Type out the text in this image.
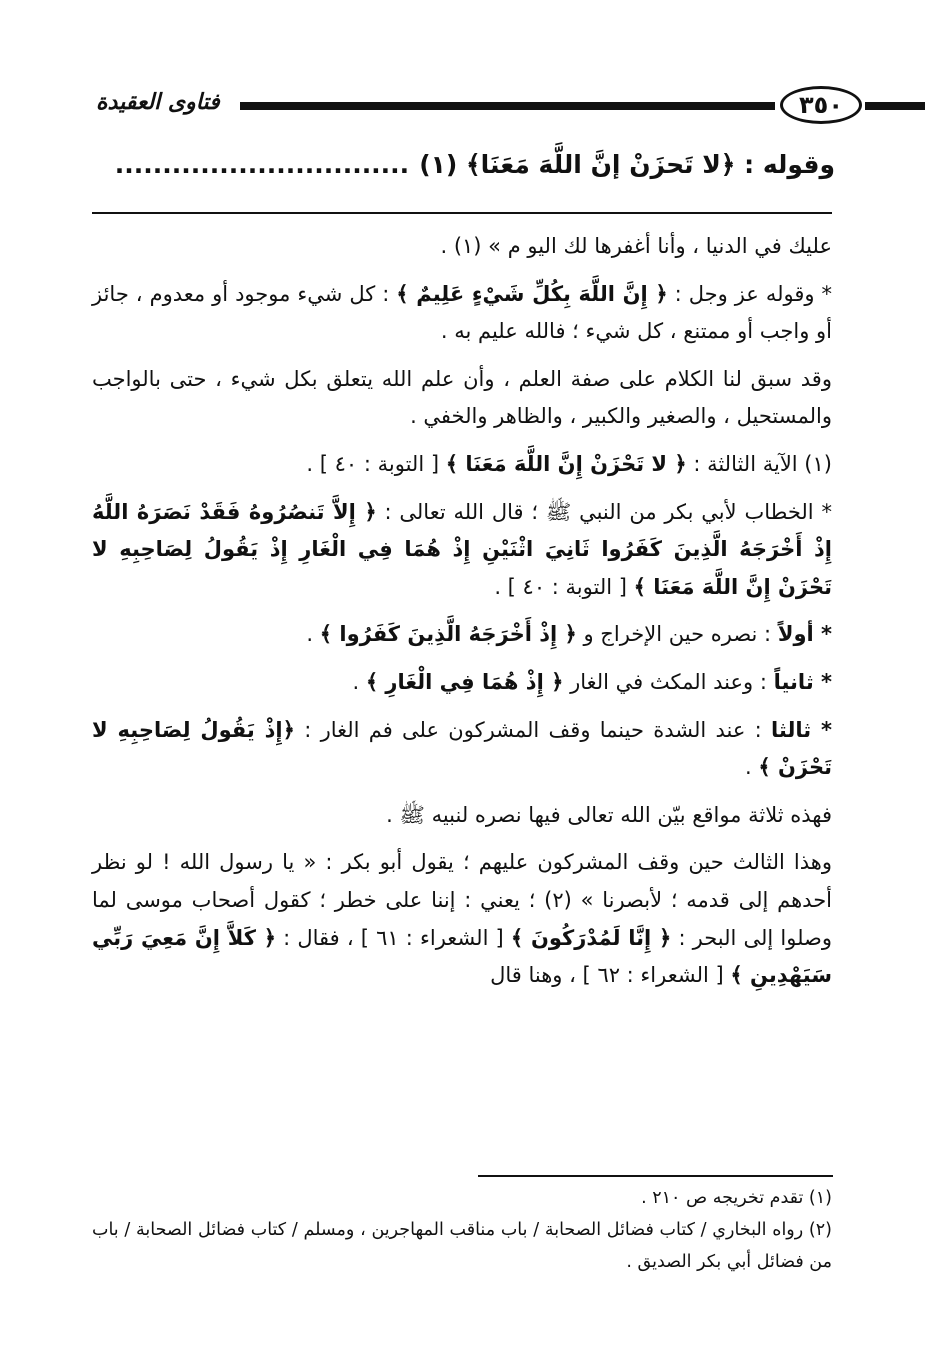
فتاوى العقيدة	٣٥٠
وقوله : ﴿لا تَحزَنْ إنَّ اللَّهَ مَعَنَا﴾ (١)...............................

عليك في الدنيا ، وأنا أغفرها لك اليو م » (١) .

* وقوله عز وجل : ﴿ إِنَّ اللَّهَ بِكُلِّ شَيْءٍ عَلِيمٌ ﴾ : كل شيء موجود أو معدوم ، جائز أو واجب أو ممتنع ، كل شيء ؛ فالله عليم به .

وقد سبق لنا الكلام على صفة العلم ، وأن علم الله يتعلق بكل شيء ، حتى بالواجب والمستحيل ، والصغير والكبير ، والظاهر والخفي .

(١) الآية الثالثة : ﴿ لا تَحْزَنْ إِنَّ اللَّهَ مَعَنَا ﴾ [ التوبة : ٤٠ ] .

* الخطاب لأبي بكر من النبي ﷺ ؛ قال الله تعالى : ﴿ إِلاَّ تَنصُرُوهُ فَقَدْ نَصَرَهُ اللَّهُ إِذْ أَخْرَجَهُ الَّذِينَ كَفَرُوا ثَانِيَ اثْنَيْنِ إِذْ هُمَا فِي الْغَارِ إِذْ يَقُولُ لِصَاحِبِهِ لا تَحْزَنْ إِنَّ اللَّهَ مَعَنَا ﴾ [ التوبة : ٤٠ ] .

* أولاً : نصره حين الإخراج و ﴿ إِذْ أَخْرَجَهُ الَّذِينَ كَفَرُوا ﴾ .

* ثانياً : وعند المكث في الغار ﴿ إِذْ هُمَا فِي الْغَارِ ﴾ .

* ثالثا : عند الشدة حينما وقف المشركون على فم الغار : ﴿إِذْ يَقُولُ لِصَاحِبِهِ لا تَحْزَنْ ﴾ .

فهذه ثلاثة مواقع بيّن الله تعالى فيها نصره لنبيه ﷺ .

وهذا الثالث حين وقف المشركون عليهم ؛ يقول أبو بكر : « يا رسول الله ! لو نظر أحدهم إلى قدمه ؛ لأبصرنا » (٢) ؛ يعني : إننا على خطر ؛ كقول أصحاب موسى لما وصلوا إلى البحر : ﴿ إِنَّا لَمُدْرَكُونَ ﴾ [ الشعراء : ٦١ ] ، فقال : ﴿ كَلاَّ إِنَّ مَعِيَ رَبِّي سَيَهْدِينِ ﴾ [ الشعراء : ٦٢ ] ، وهنا قال

(١) تقدم تخريجه ص ٢١٠ .

(٢) رواه البخاري / كتاب فضائل الصحابة / باب مناقب المهاجرين ، ومسلم / كتاب فضائل الصحابة / باب من فضائل أبي بكر الصديق .
